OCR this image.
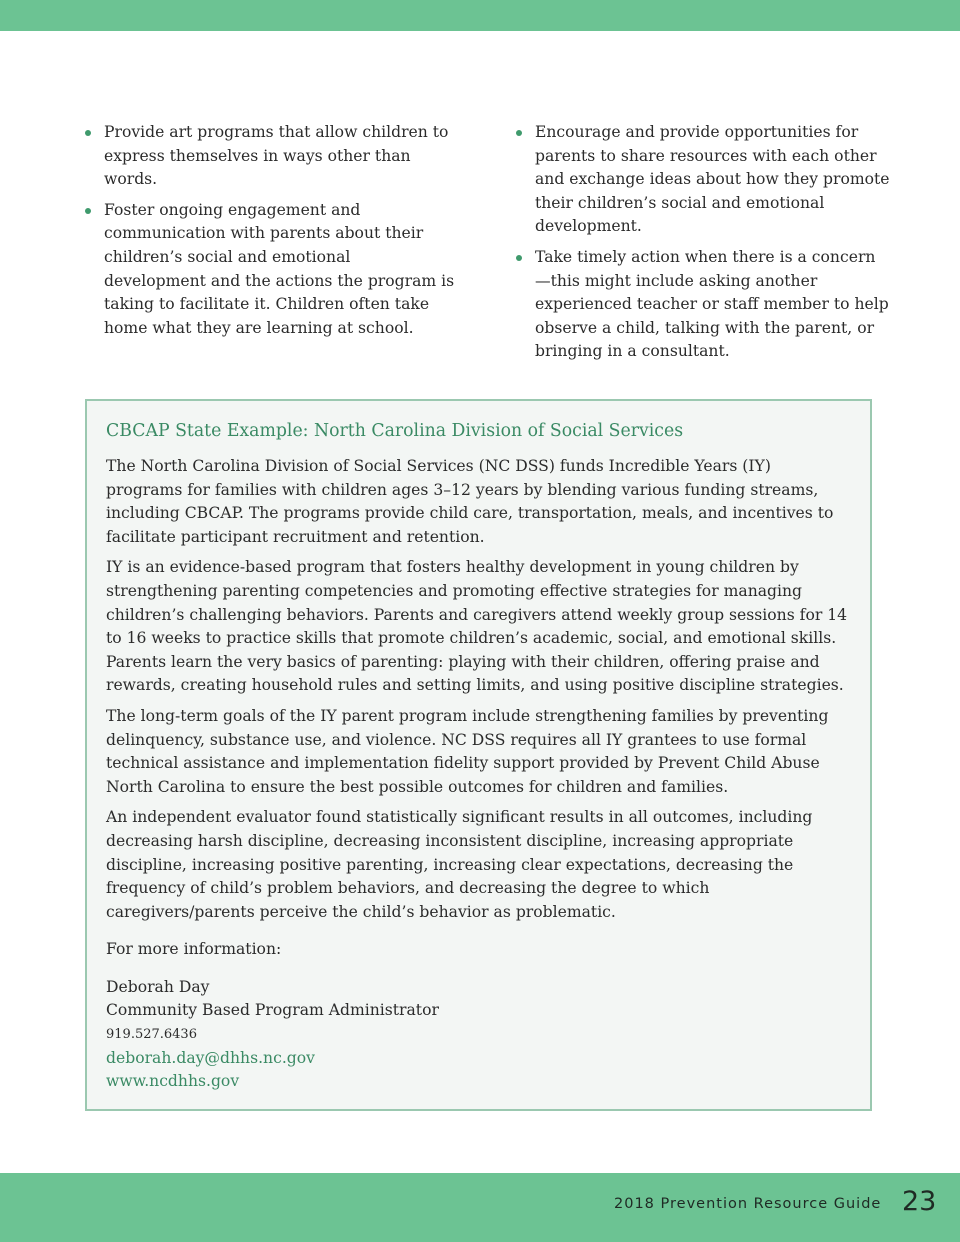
Provide art programs that allow children to express themselves in ways other than words.
Foster ongoing engagement and communication with parents about their children’s social and emotional development and the actions the program is taking to facilitate it. Children often take home what they are learning at school.
Encourage and provide opportunities for parents to share resources with each other and exchange ideas about how they promote their children’s social and emotional development.
Take timely action when there is a concern—this might include asking another experienced teacher or staff member to help observe a child, talking with the parent, or bringing in a consultant.
CBCAP State Example: North Carolina Division of Social Services

The North Carolina Division of Social Services (NC DSS) funds Incredible Years (IY) programs for families with children ages 3–12 years by blending various funding streams, including CBCAP. The programs provide child care, transportation, meals, and incentives to facilitate participant recruitment and retention.

IY is an evidence-based program that fosters healthy development in young children by strengthening parenting competencies and promoting effective strategies for managing children’s challenging behaviors. Parents and caregivers attend weekly group sessions for 14 to 16 weeks to practice skills that promote children’s academic, social, and emotional skills. Parents learn the very basics of parenting: playing with their children, offering praise and rewards, creating household rules and setting limits, and using positive discipline strategies.

The long-term goals of the IY parent program include strengthening families by preventing delinquency, substance use, and violence. NC DSS requires all IY grantees to use formal technical assistance and implementation fidelity support provided by Prevent Child Abuse North Carolina to ensure the best possible outcomes for children and families.

An independent evaluator found statistically significant results in all outcomes, including decreasing harsh discipline, decreasing inconsistent discipline, increasing appropriate discipline, increasing positive parenting, increasing clear expectations, decreasing the frequency of child’s problem behaviors, and decreasing the degree to which caregivers/parents perceive the child’s behavior as problematic.

For more information:

Deborah Day
Community Based Program Administrator
919.527.6436
deborah.day@dhhs.nc.gov
www.ncdhhs.gov
2018 Prevention Resource Guide 23
